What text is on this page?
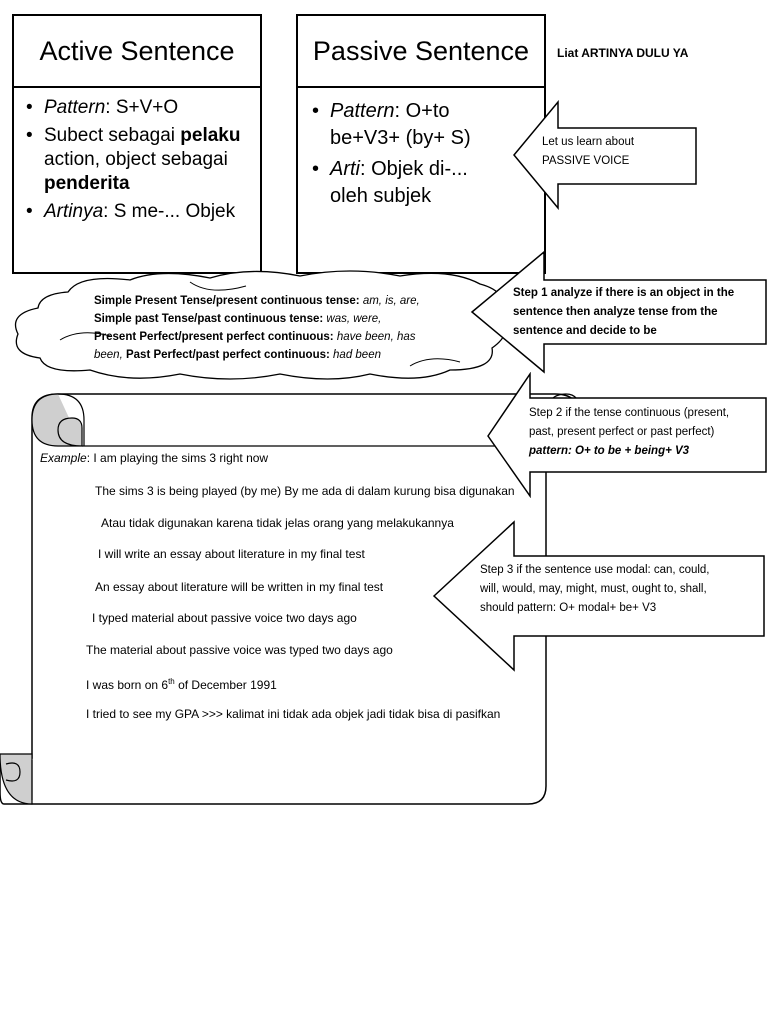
Active Sentence
• Pattern: S+V+O
• Subect sebagai pelaku action, object sebagai penderita
• Artinya: S me-... Objek
Passive Sentence
• Pattern: O+to be+V3+ (by+ S)
• Arti: Objek di-... oleh subjek
Liat ARTINYA DULU YA
Simple Present Tense/present continuous tense: am, is, are,
Simple past Tense/past continuous tense: was, were,
Present Perfect/present perfect continuous: have been, has
been, Past Perfect/past perfect continuous: had been
Let us learn about
PASSIVE VOICE
Step 1 analyze if there is an object in the
sentence then analyze tense from the
sentence and decide to be
Step 2 if the tense continuous (present,
past, present perfect or past perfect)
pattern: O+ to be + being+ V3
Step 3 if the sentence use modal: can, could,
will, would, may, might, must, ought to, shall,
should pattern: O+ modal+ be+ V3
Example: I am playing the sims 3 right now
The sims 3 is being played (by me) By me ada di dalam kurung bisa digunakan
Atau tidak digunakan karena tidak jelas orang yang melakukannya
I will write an essay about literature in my final test
An essay about literature will be written in my final test
I typed material about passive voice two days ago
The material about passive voice was typed two days ago
I was born on 6th of December 1991
I tried to see my GPA >>> kalimat ini tidak ada objek jadi tidak bisa di pasifkan
